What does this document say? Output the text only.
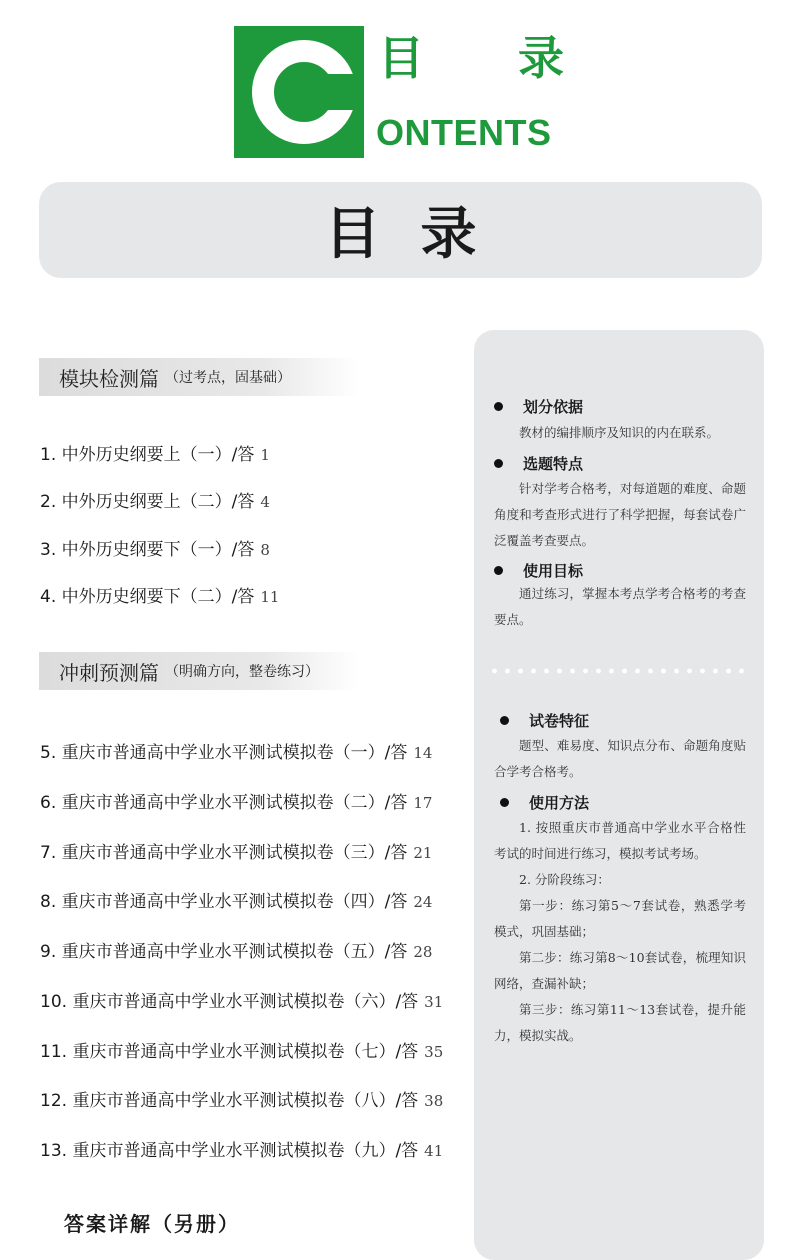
目 录
ONTENTS
目录
模块检测篇 （过考点，固基础）
1. 中外历史纲要上（一）/答 1
2. 中外历史纲要上（二）/答 4
3. 中外历史纲要下（一）/答 8
4. 中外历史纲要下（二）/答 11
冲刺预测篇 （明确方向，整卷练习）
5. 重庆市普通高中学业水平测试模拟卷（一）/答 14
6. 重庆市普通高中学业水平测试模拟卷（二）/答 17
7. 重庆市普通高中学业水平测试模拟卷（三）/答 21
8. 重庆市普通高中学业水平测试模拟卷（四）/答 24
9. 重庆市普通高中学业水平测试模拟卷（五）/答 28
10. 重庆市普通高中学业水平测试模拟卷（六）/答 31
11. 重庆市普通高中学业水平测试模拟卷（七）/答 35
12. 重庆市普通高中学业水平测试模拟卷（八）/答 38
13. 重庆市普通高中学业水平测试模拟卷（九）/答 41
答案详解（另册）
划分依据

教材的编排顺序及知识的内在联系。

选题特点

针对学考合格考，对每道题的难度、命题角度和考查形式进行了科学把握，每套试卷广泛覆盖考查要点。

使用目标

通过练习，掌握本考点学考合格考的考查要点。

试卷特征

题型、难易度、知识点分布、命题角度贴合学考合格考。

使用方法

1. 按照重庆市普通高中学业水平合格性考试的时间进行练习，模拟考试考场。

2. 分阶段练习：

第一步：练习第5～7套试卷，熟悉学考模式，巩固基础；

第二步：练习第8～10套试卷，梳理知识网络，查漏补缺；

第三步：练习第11～13套试卷，提升能力，模拟实战。
